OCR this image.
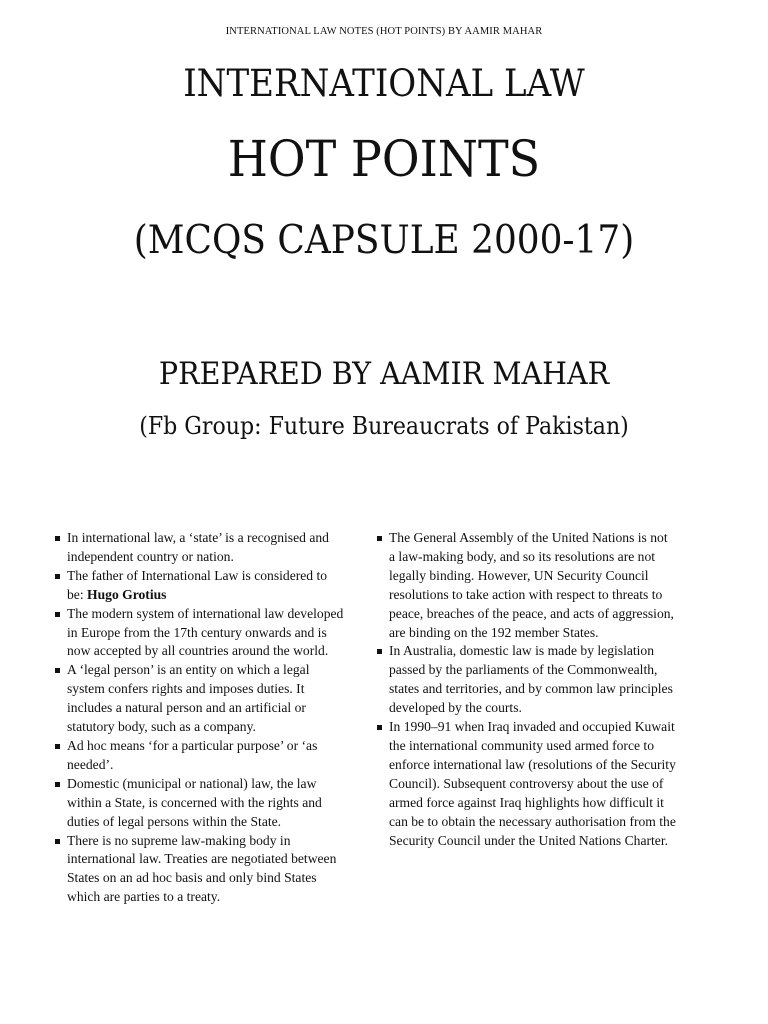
INTERNATIONAL LAW NOTES (HOT POINTS) BY AAMIR MAHAR
INTERNATIONAL LAW
HOT POINTS
(MCQS CAPSULE 2000-17)
PREPARED BY AAMIR MAHAR
(Fb Group: Future Bureaucrats of Pakistan)
In international law, a ‘state’ is a recognised and independent country or nation.
The father of International Law is considered to be: Hugo Grotius
The modern system of international law developed in Europe from the 17th century onwards and is now accepted by all countries around the world.
A ‘legal person’ is an entity on which a legal system confers rights and imposes duties. It includes a natural person and an artificial or statutory body, such as a company.
Ad hoc means ‘for a particular purpose’ or ‘as needed’.
Domestic (municipal or national) law, the law within a State, is concerned with the rights and duties of legal persons within the State.
There is no supreme law-making body in international law. Treaties are negotiated between States on an ad hoc basis and only bind States which are parties to a treaty.
The General Assembly of the United Nations is not a law-making body, and so its resolutions are not legally binding. However, UN Security Council resolutions to take action with respect to threats to peace, breaches of the peace, and acts of aggression, are binding on the 192 member States.
In Australia, domestic law is made by legislation passed by the parliaments of the Commonwealth, states and territories, and by common law principles developed by the courts.
In 1990–91 when Iraq invaded and occupied Kuwait the international community used armed force to enforce international law (resolutions of the Security Council). Subsequent controversy about the use of armed force against Iraq highlights how difficult it can be to obtain the necessary authorisation from the Security Council under the United Nations Charter.
